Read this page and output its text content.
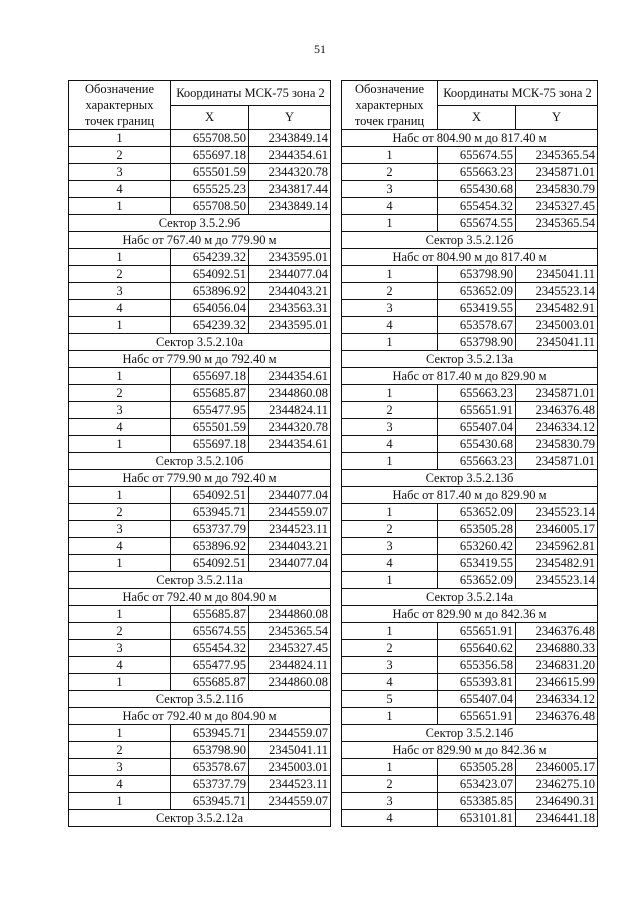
51
Обозначение характерных точек границ	Координаты МСК-75 зона 2	
	X	Y
1	655708.50	2343849.14
2	655697.18	2344354.61
3	655501.59	2344320.78
4	655525.23	2343817.44
1	655708.50	2343849.14
Сектор 3.5.2.9б		
Набс от 767.40 м до 779.90 м		
1	654239.32	2343595.01
2	654092.51	2344077.04
3	653896.92	2344043.21
4	654056.04	2343563.31
1	654239.32	2343595.01
Сектор 3.5.2.10а		
Набс от 779.90 м до 792.40 м		
1	655697.18	2344354.61
2	655685.87	2344860.08
3	655477.95	2344824.11
4	655501.59	2344320.78
1	655697.18	2344354.61
Сектор 3.5.2.10б		
Набс от 779.90 м до 792.40 м		
1	654092.51	2344077.04
2	653945.71	2344559.07
3	653737.79	2344523.11
4	653896.92	2344043.21
1	654092.51	2344077.04
Сектор 3.5.2.11а		
Набс от 792.40 м до 804.90 м		
1	655685.87	2344860.08
2	655674.55	2345365.54
3	655454.32	2345327.45
4	655477.95	2344824.11
1	655685.87	2344860.08
Сектор 3.5.2.11б		
Набс от 792.40 м до 804.90 м		
1	653945.71	2344559.07
2	653798.90	2345041.11
3	653578.67	2345003.01
4	653737.79	2344523.11
1	653945.71	2344559.07
Сектор 3.5.2.12а		
Обозначение характерных точек границ	Координаты МСК-75 зона 2	
	X	Y
Набс от 804.90 м до 817.40 м		
1	655674.55	2345365.54
2	655663.23	2345871.01
3	655430.68	2345830.79
4	655454.32	2345327.45
1	655674.55	2345365.54
Сектор 3.5.2.12б		
Набс от 804.90 м до 817.40 м		
1	653798.90	2345041.11
2	653652.09	2345523.14
3	653419.55	2345482.91
4	653578.67	2345003.01
1	653798.90	2345041.11
Сектор 3.5.2.13а		
Набс от 817.40 м до 829.90 м		
1	655663.23	2345871.01
2	655651.91	2346376.48
3	655407.04	2346334.12
4	655430.68	2345830.79
1	655663.23	2345871.01
Сектор 3.5.2.13б		
Набс от 817.40 м до 829.90 м		
1	653652.09	2345523.14
2	653505.28	2346005.17
3	653260.42	2345962.81
4	653419.55	2345482.91
1	653652.09	2345523.14
Сектор 3.5.2.14а		
Набс от 829.90 м до 842.36 м		
1	655651.91	2346376.48
2	655640.62	2346880.33
3	655356.58	2346831.20
4	655393.81	2346615.99
5	655407.04	2346334.12
1	655651.91	2346376.48
Сектор 3.5.2.14б		
Набс от 829.90 м до 842.36 м		
1	653505.28	2346005.17
2	653423.07	2346275.10
3	653385.85	2346490.31
4	653101.81	2346441.18
